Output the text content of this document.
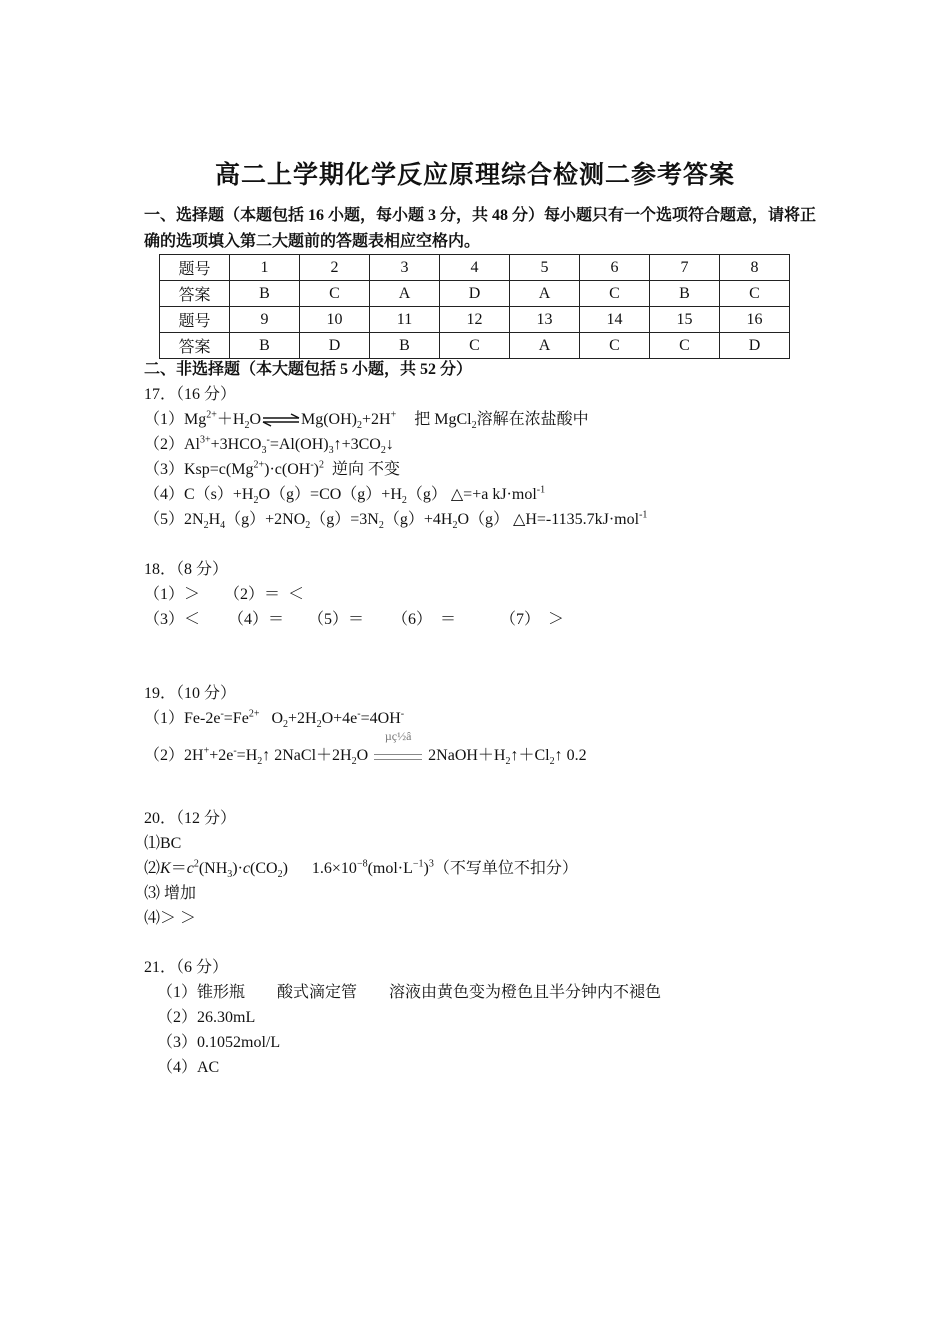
高二上学期化学反应原理综合检测二参考答案
一、选择题（本题包括 16 小题，每小题 3 分，共 48 分）每小题只有一个选项符合题意，请将正
确的选项填入第二大题前的答题表相应空格内。
题号	1	2	3	4	5	6	7	8
答案	B	C	A	D	A	C	B	C
题号	9	10	11	12	13	14	15	16
答案	B	D	B	C	A	C	C	D
二、非选择题（本大题包括 5 小题，共 52 分）
17．（16 分）
$(1)Mg^{2+}+H_2O\rightleftharpoons Mg(OH)_2+2H^+$ 把 MgCl$_2$溶解在浓盐酸中
$(2)Al^{3+}+3HCO_3^-=Al(OH)_3↑+3CO_2↓$
$(3)Ksp=c(Mg^{2+})\cdot c(OH^-)^2$ 逆向 不变
$(4)C(s)+H_2O(g)=CO(g)+H_2(g)$ △=+a kJ·mol$^{-1}$
$(5)2N_2H_4(g)+2NO_2(g)=3N_2(g)+4H_2O(g)$ △H=-1135.7kJ·mol$^{-1}$
18．（8 分）
（1）＞      （2）＝  ＜
（3）＜       （4）＝      （5）＝       （6）  ＝           （7）  ＞
19．（10 分）
$(1)Fe-2e^-=Fe^{2+}$ $O_2+2H_2O+4e^-=4OH^-$
$(2)2H^++2e^-=H_2↑$ $2NaCl+2H_2O$
µç½â
$2NaOH+H_2↑+Cl_2↑$ 0.2
20．（12 分）
⑴BC
$⑵K=c^2(NH_3)\cdot c(CO_2)$ $1.6\times 10^{-8}(mol\cdot L^{-1})^3$（不写单位不扣分）
⑶ 增加
⑷＞ ＞
21．（6 分）
（1）锥形瓶        酸式滴定管        溶液由黄色变为橙色且半分钟内不褪色
（2）26.30mL
（3）0.1052mol/L
（4）AC
